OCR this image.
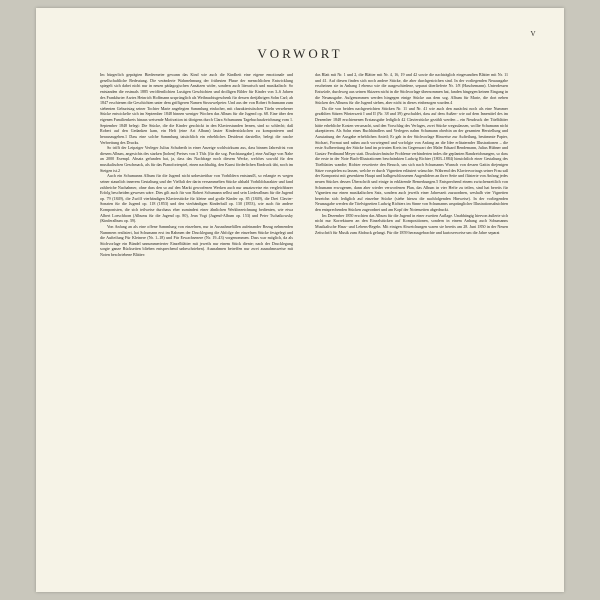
V
VORWORT

Im bürgerlich geprägten Biedermeier gewann das Kind wie auch die Kindheit eine eigene emotionale und gesellschaftliche Bedeutung. Die veränderte Wahrnehmung der frühesten Phase der menschlichen Entwicklung spiegelt sich dabei nicht nur in neuen pädagogischen Ansätzen wider, sondern auch literarisch und musikalisch: So entstanden die erstmals 1885 veröffentlichten Lustigen Geschichten und drolligen Bilder für Kinder von 3–6 Jahren des Frankfurter Arztes Heinrich Hoffmann ursprünglich als Weihnachtsgeschenk für dessen dreijährigen Sohn Carl; ab 1847 erschienen die Geschichten unter dem griffigeren Namen Struwwelpeter. Und aus der von Robert Schumann zum siebenten Geburtstag seiner Tochter Marie angelegten Sammlung einfacher, mit charakteristischen Titeln versehener Stücke entwickelte sich im September 1848 binnen weniger Wochen das Album für die Jugend op. 68. Eine über den eigenen Familienkreis hinaus weisende Motivation ist übrigens durch Clara Schumanns Tagebuchaufzeichnung vom 1. September 1848 belegt: Die Stücke, die die Kinder geschickt in den Klavierstunden lernen, sind so schlecht; daß Robert auf den Gedanken kam, ein Heft (eine Art Album) lauter Kinderstückchen zu komponieren und herauszugeben.1 Dass eine solche Sammlung tatsächlich ein erhebliches Desiderat darstellte, belegt die rasche Verbreitung des Drucks.

So trifft der Leipziger Verleger Julius Schuberth in einer Anzeige wohlwirksam aus, dass binnen Jahresfrist von diesem Album, angesichts des starken [hohen] Preises von 3 Thlr. [für die sog. Prachtausgabe], eine Auflage von Nahe an 2000 Exempl. Absatz gefunden hat, ja, dass das Nachfrage noch diesem Werke, welches sowohl für den musikalischen Geschmack, als für das Pianofortespiel, einen nachhaltig, den Kunst förderlichen Eindruck übt, noch im Steigen ist.2

Auch ein Schumanns Album für die Jugend nicht unbestreitbar von Vorbildern entstand3, so erlangte es wegen seiner staunlich innerem Gestaltung und der Vielfalt der darin versammelten Stücke alsbald Vorbildcharakter und fand zahlreiche Nachahmer, ohne dass den so auf den Markt geworfenen Werken auch nur ansatzweise ein vergleichbarer Erfolg bescheiden gewesen wäre. Dies gilt auch für von Robert Schumann selbst und sein Liederalbum für die Jugend op. 79 (1849), die Zwölf vierhändigen Klavierstücke für kleine und große Kinder op. 85 (1849), die Drei Clavier-Sonaten für die Jugend op. 118 (1853) und den vierhändigen Kinderball op. 130 (1853), wie auch für andere Komponisten, die sich teilweise durchaus eher zumindest einer ähnlichen Werkbezeichnung bedienten, wie etwa Albert Loeschhorn (Albums für die Jugend op. 80), Jean Vogt (Jugend-Album op. 153) und Peter Tschaikowsky (Kinderalbum op. 39).

Von Anfang an als eine offene Sammlung von einzelnen, nur in Ausnahmefällen aufeinander Bezug nehmenden Nummern realisiert, hat Schumann erst im Rahmen der Drucklegung die Abfolge der einzelnen Stücke festgelegt und die Aufteilung Für Kleinere (Nr. 1–18) und Für Erwachsenere (Nr. 19–43) vorgenommen. Dass war möglich, da als Stichvorlage ein Bündel unnummerierter Einzelblätter mit jeweils nur einem Stück diente; nach der Drucklegung sorgte ganze Rückseiten blieben entsprechend unbeschrieben). Ausnahmen betreffen nur zwei ausnahmsweise mit Noten beschriebene Blätter:

das Blatt mit Nr. 1 und 2, die Blätter mit Nr. 4, 16, 19 und 42 sowie die nachträglich eingesandten Blätter mit Nr. 11 und 41. Auf diesen finden sich noch andere Stücke, die aber durchgestrichen sind. In der vorliegenden Neuausgabe erscheinen sie in Anhang I ebenso wie die ausgeschiedene, separat überlieferte Nr. 1/8 (Haschemann). Unterdessen Entwürfe, durchweg aus seinen Skizzen nicht in die Stichvorlage übernommen hat, fanden hingegen keinen Eingang in die Neuausgabe. Aufgenommen werden hingegen einige Stücke aus dem sog. Album für Marie, die dort neben Stücken des Albums für die Jugend stehen, aber nicht in dieses einbezogen wurden.4

Da die von beiden nachgereichten Stücken Nr. 11 und Nr. 41 wie auch den zunächst noch als eine Nummer gezählten Sätzen Winterszeit I und II (Nr. 38 und 39) geschuldet, dass auf dem Außen- wie auf dem Innentitel des im Dezember 1848 erschienenen Erstausgabe lediglich 42 Clavierstücke gezählt werden – ein Neudruck der Titelblätter hätte erhebliche Kosten verursacht, und den Vorschlag des Verlages, zwei Stücke wegzulassen, wollte Schumann nicht akzeptieren. Als Sohn eines Buchhändlers und Verlegers nahm Schumann oberhin an der gesamten Herstellung und Ausstattung der Ausgabe erheblichen Anteil; Er gab in der Stichvorlage Hinweise zur Aufteilung, bestimmte Papier, Stichart, Format und nahm auch vorwiegend und vorfolgte von Anfang an die Idee erläuternder Illustrationen – die erste Aufbereitung der Stücke fand im privaten Kreis im Gegenwart der Maler Eduard Bendemann, Julius Hübner und Gustav Ferdinand Meyer statt. Druckstechnische Probleme verhinderten indes die geplanten Randzeichnungen, so dass die erste in der Note Buch-Illustrationen beschränkten Ludwig Richter (1803–1884) hinsichtlich einer Gestaltung des Titelblattes wandte; Richter erweiterte den Besuch, um sich nach Schumanns Wunsch von dessen Gattin diejenigen Sätze vorspielen zu lassen, welche er durch Vignetten erläutert wünschte. Während des Klaviervortrags seiner Frau saß der Komponist mit gesenktem Haupt und halbgeschlossenen Augenlidern an ihrer Seite und flüsterte von Anfang jedes neuen Stückes dessen Überschrift und einige in erklärende Bemerkungen.5 Entsprechend einem zwischenzeitlich von Schumann erwogenen, dann aber wieder verworfenen Plan, das Album in vier Hefte zu teilen, sind hat bereits für Vignetten nur einen musikalischen Satz, sondern auch jeweils einer Jahreszeit zuzuordnen, weshalb vier Vignetten bezeichn sich lediglich auf einzelne Stücke (siehe hierzu die nachfolgenden Hinweise). In der vorliegenden Neuausgabe werden die Titelvignetten Ludwig Richters im Sinne von Schumanns ursprünglicher Illustrationsabsichten den entsprechenden Stücken zugeordnet und am Kopf der Notenseiten abgedruckt.

Im Dezember 1850 erschien das Album für die Jugend in einer zweiten Auflage. Unabhängig hiervon äußerte sich nicht nur Korrekturen an den Einzelstücken auf Kompositionen, sondern in einem Anhang auch Schumanns Musikalische Haus- und Lebens-Regeln. Mit einigen Abweichungen waren sie bereits am 28. Juni 1850 in der Neuen Zeitschrift für Musik zum Abdruck gelangt. Für die 1859 herausgebrachte und kurioserweise um die Jahre separat
